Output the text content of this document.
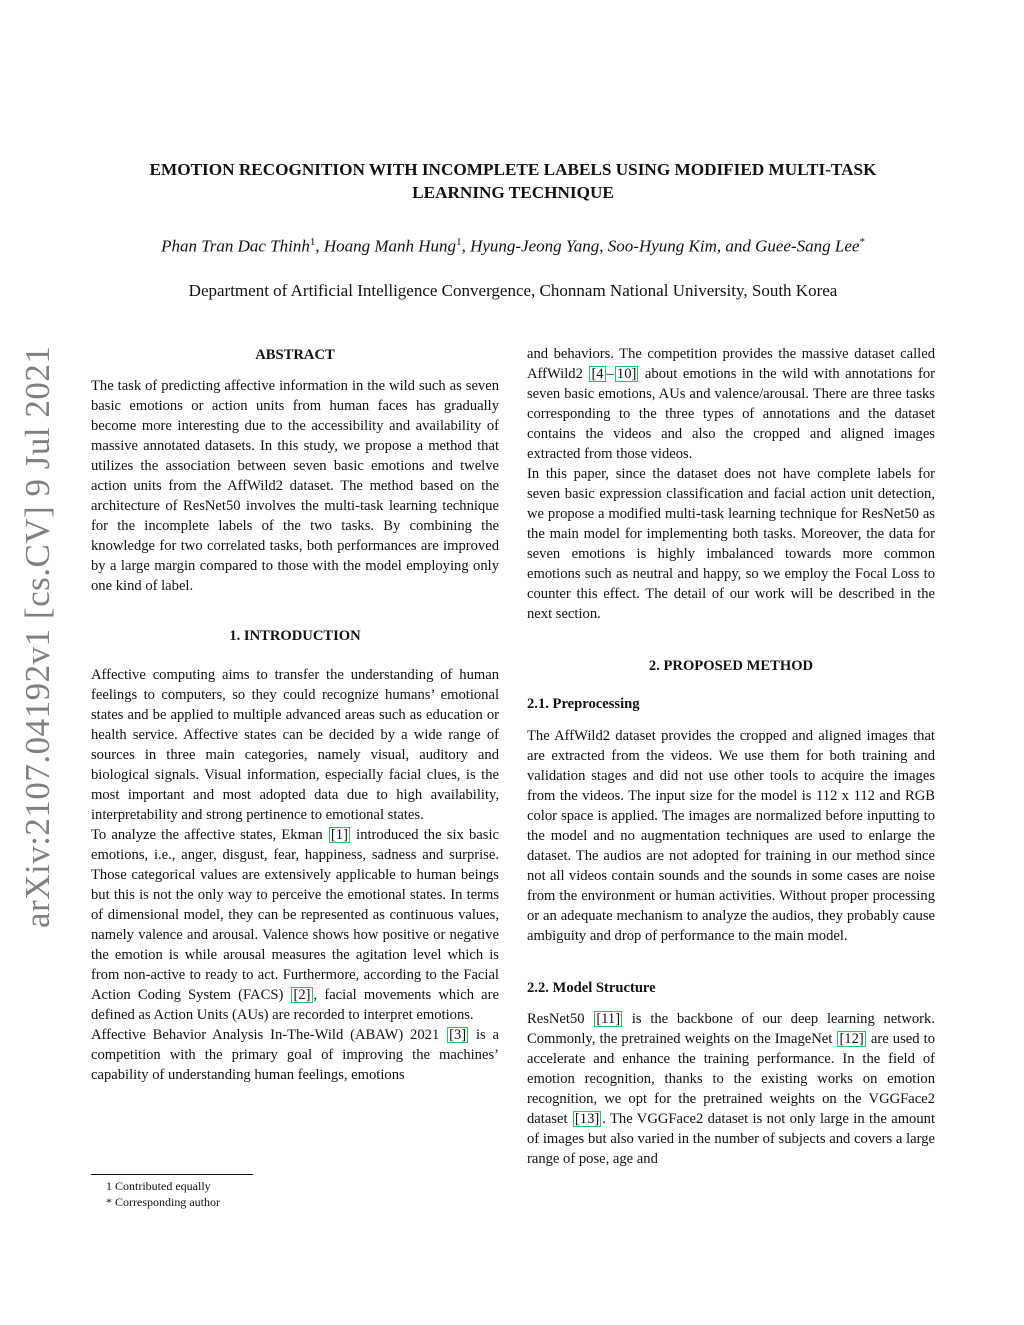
arXiv:2107.04192v1 [cs.CV] 9 Jul 2021
EMOTION RECOGNITION WITH INCOMPLETE LABELS USING MODIFIED MULTI-TASK
LEARNING TECHNIQUE
Phan Tran Dac Thinh$^1$, Hoang Manh Hung$^1$, Hyung-Jeong Yang, Soo-Hyung Kim, and Guee-Sang Lee*
Department of Artificial Intelligence Convergence, Chonnam National University, South Korea
ABSTRACT

The task of predicting affective information in the wild such as seven basic emotions or action units from human faces has gradually become more interesting due to the accessibility and availability of massive annotated datasets. In this study, we propose a method that utilizes the association between seven basic emotions and twelve action units from the AffWild2 dataset. The method based on the architecture of ResNet50 involves the multi-task learning technique for the incomplete labels of the two tasks. By combining the knowledge for two correlated tasks, both performances are improved by a large margin compared to those with the model employing only one kind of label.

1. INTRODUCTION

Affective computing aims to transfer the understanding of human feelings to computers, so they could recognize humans’ emotional states and be applied to multiple advanced areas such as education or health service. Affective states can be decided by a wide range of sources in three main categories, namely visual, auditory and biological signals. Visual information, especially facial clues, is the most important and most adopted data due to high availability, interpretability and strong pertinence to emotional states.

To analyze the affective states, Ekman [1] introduced the six basic emotions, i.e., anger, disgust, fear, happiness, sadness and surprise. Those categorical values are extensively applicable to human beings but this is not the only way to perceive the emotional states. In terms of dimensional model, they can be represented as continuous values, namely valence and arousal. Valence shows how positive or negative the emotion is while arousal measures the agitation level which is from non-active to ready to act. Furthermore, according to the Facial Action Coding System (FACS) [2] , facial movements which are defined as Action Units (AUs) are recorded to interpret emotions.

Affective Behavior Analysis In-The-Wild (ABAW) 2021 [3] is a competition with the primary goal of improving the machines’ capability of understanding human feelings, emotions

1 Contributed equally
* Corresponding author

and behaviors. The competition provides the massive dataset called AffWild2 [4 – 10] about emotions in the wild with annotations for seven basic emotions, AUs and valence/arousal. There are three tasks corresponding to the three types of annotations and the dataset contains the videos and also the cropped and aligned images extracted from those videos.

In this paper, since the dataset does not have complete labels for seven basic expression classification and facial action unit detection, we propose a modified multi-task learning technique for ResNet50 as the main model for implementing both tasks. Moreover, the data for seven emotions is highly imbalanced towards more common emotions such as neutral and happy, so we employ the Focal Loss to counter this effect. The detail of our work will be described in the next section.

2. PROPOSED METHOD
2.1. Preprocessing

The AffWild2 dataset provides the cropped and aligned images that are extracted from the videos. We use them for both training and validation stages and did not use other tools to acquire the images from the videos. The input size for the model is 112 x 112 and RGB color space is applied. The images are normalized before inputting to the model and no augmentation techniques are used to enlarge the dataset. The audios are not adopted for training in our method since not all videos contain sounds and the sounds in some cases are noise from the environment or human activities. Without proper processing or an adequate mechanism to analyze the audios, they probably cause ambiguity and drop of performance to the main model.

2.2. Model Structure

ResNet50 [11] is the backbone of our deep learning network. Commonly, the pretrained weights on the ImageNet [12] are used to accelerate and enhance the training performance. In the field of emotion recognition, thanks to the existing works on emotion recognition, we opt for the pretrained weights on the VGGFace2 dataset [13] . The VGGFace2 dataset is not only large in the amount of images but also varied in the number of subjects and covers a large range of pose, age and
